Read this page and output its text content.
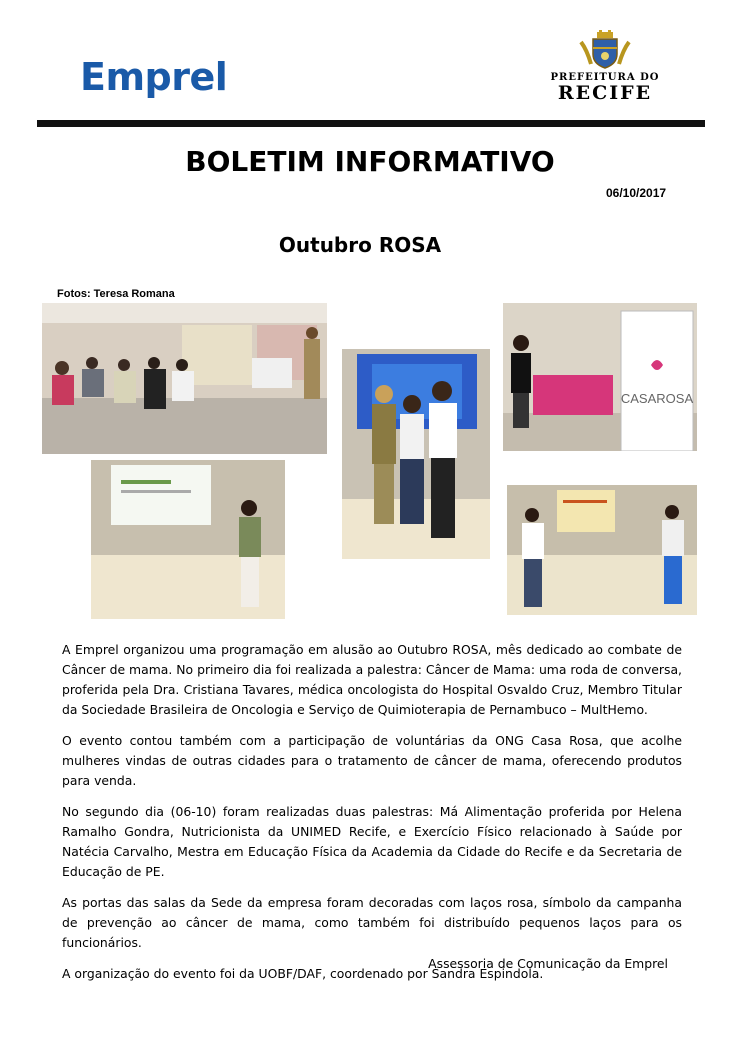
Emprel	PREFEITURA DO
RECIFE
BOLETIM INFORMATIVO
06/10/2017
Outubro ROSA
Fotos: Teresa Romana
CASAROSA

A Emprel organizou uma programação em alusão ao Outubro ROSA, mês dedicado ao combate de Câncer de mama. No primeiro dia foi realizada a palestra: Câncer de Mama: uma roda de conversa, proferida pela Dra. Cristiana Tavares, médica oncologista do Hospital Osvaldo Cruz, Membro Titular da Sociedade Brasileira de Oncologia e Serviço de Quimioterapia de Pernambuco – MultHemo.

O evento contou também com a participação de voluntárias da ONG Casa Rosa, que acolhe mulheres vindas de outras cidades para o tratamento de câncer de mama, oferecendo produtos para venda.

No segundo dia (06-10) foram realizadas duas palestras: Má Alimentação proferida por Helena Ramalho Gondra, Nutricionista da UNIMED Recife, e Exercício Físico relacionado à Saúde por Natécia Carvalho, Mestra em Educação Física da Academia da Cidade do Recife e da Secretaria de Educação de PE.

As portas das salas da Sede da empresa foram decoradas com laços rosa, símbolo da campanha de prevenção ao câncer de mama, como também foi distribuído pequenos laços para os funcionários.

A organização do evento foi da UOBF/DAF, coordenado por Sandra Espindola.

Assessoria de Comunicação da Emprel
